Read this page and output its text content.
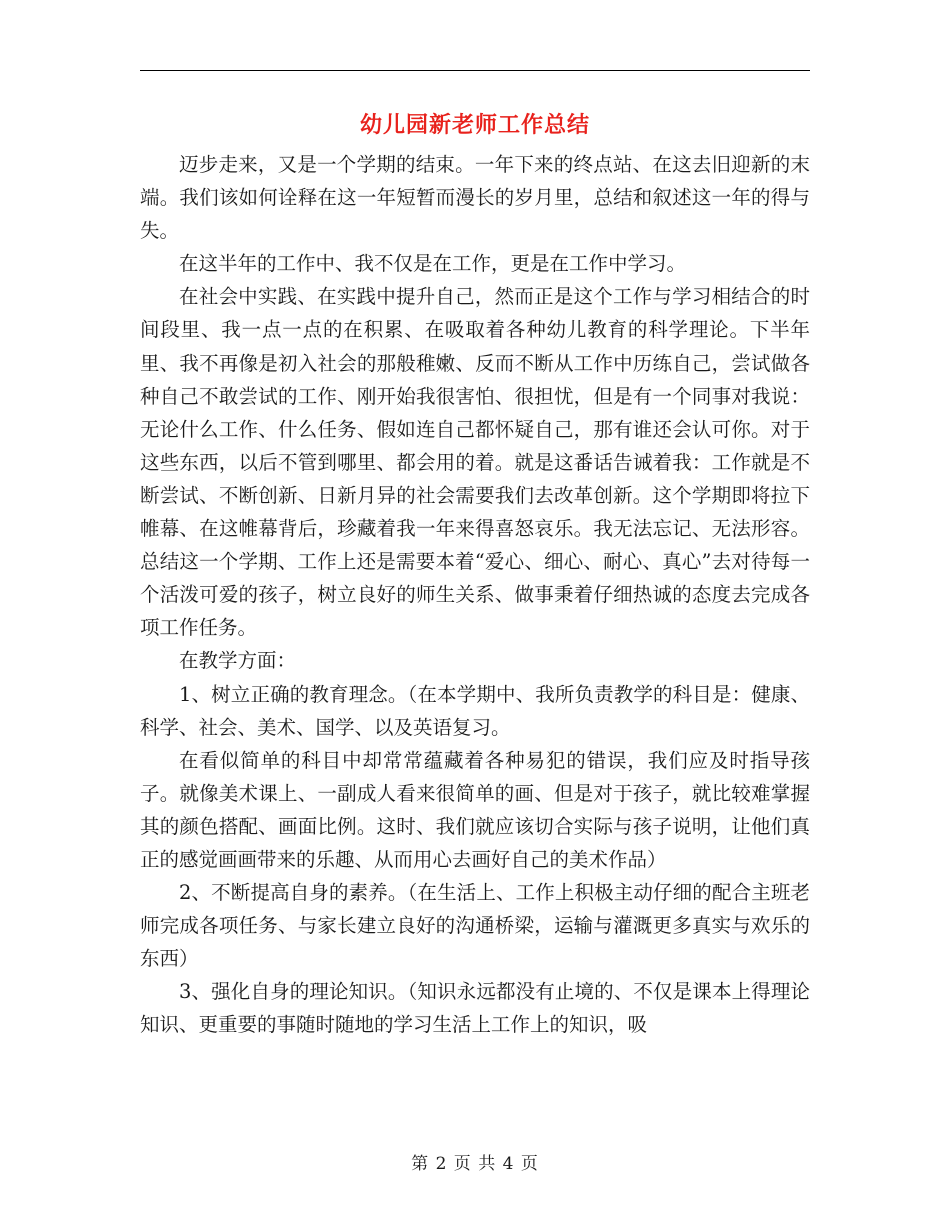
幼儿园新老师工作总结

迈步走来，又是一个学期的结束。一年下来的终点站、在这去旧迎新的末端。我们该如何诠释在这一年短暂而漫长的岁月里，总结和叙述这一年的得与失。

在这半年的工作中、我不仅是在工作，更是在工作中学习。

在社会中实践、在实践中提升自己，然而正是这个工作与学习相结合的时间段里、我一点一点的在积累、在吸取着各种幼儿教育的科学理论。下半年里、我不再像是初入社会的那般稚嫩、反而不断从工作中历练自己，尝试做各种自己不敢尝试的工作、刚开始我很害怕、很担忧，但是有一个同事对我说：无论什么工作、什么任务、假如连自己都怀疑自己，那有谁还会认可你。对于这些东西，以后不管到哪里、都会用的着。就是这番话告诫着我：工作就是不断尝试、不断创新、日新月异的社会需要我们去改革创新。这个学期即将拉下帷幕、在这帷幕背后，珍藏着我一年来得喜怒哀乐。我无法忘记、无法形容。总结这一个学期、工作上还是需要本着“爱心、细心、耐心、真心”去对待每一个活泼可爱的孩子，树立良好的师生关系、做事秉着仔细热诚的态度去完成各项工作任务。

在教学方面：

1、树立正确的教育理念。（在本学期中、我所负责教学的科目是：健康、科学、社会、美术、国学、以及英语复习。

在看似简单的科目中却常常蕴藏着各种易犯的错误，我们应及时指导孩子。就像美术课上、一副成人看来很简单的画、但是对于孩子，就比较难掌握其的颜色搭配、画面比例。这时、我们就应该切合实际与孩子说明，让他们真正的感觉画画带来的乐趣、从而用心去画好自己的美术作品）

2、不断提高自身的素养。（在生活上、工作上积极主动仔细的配合主班老师完成各项任务、与家长建立良好的沟通桥梁，运输与灌溉更多真实与欢乐的东西）

3、强化自身的理论知识。（知识永远都没有止境的、不仅是课本上得理论知识、更重要的事随时随地的学习生活上工作上的知识，吸

第 2 页 共 4 页
